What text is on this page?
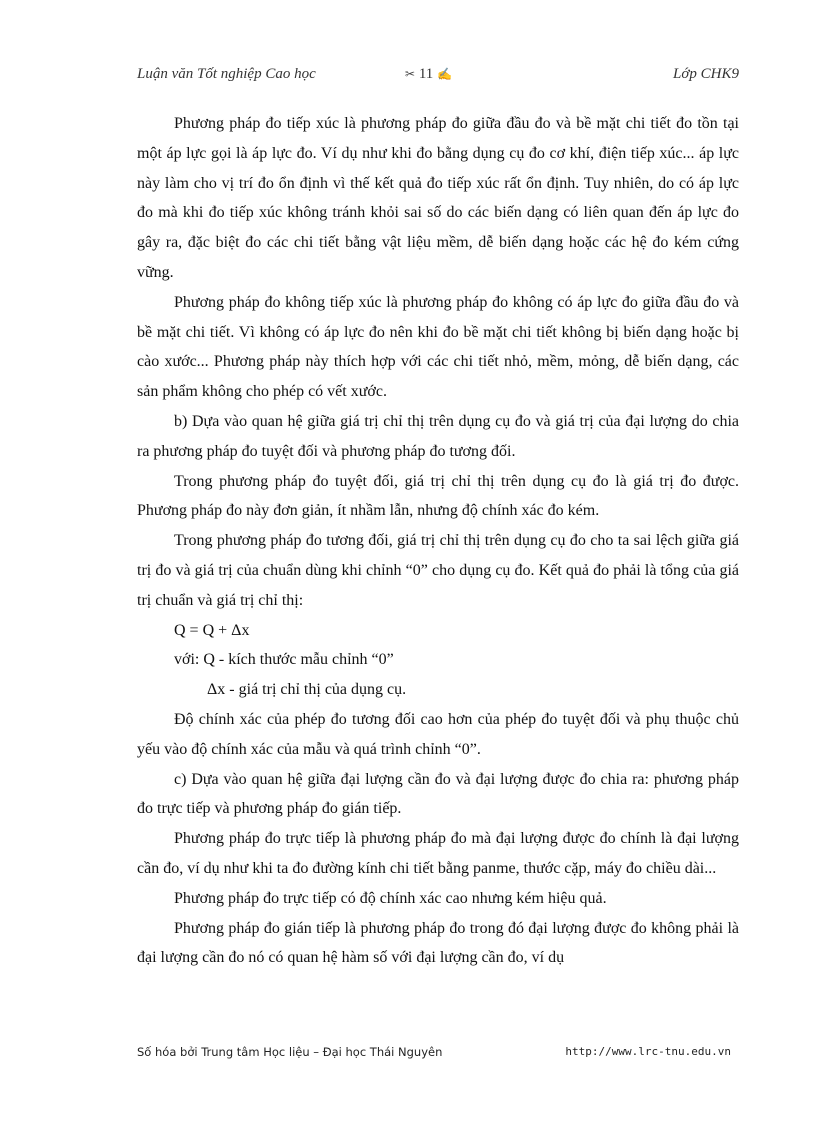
Luận văn Tốt nghiệp Cao học	✂ 11 ✍	Lớp CHK9

Phương pháp đo tiếp xúc là phương pháp đo giữa đầu đo và bề mặt chi tiết đo tồn tại một áp lực gọi là áp lực đo. Ví dụ như khi đo bằng dụng cụ đo cơ khí, điện tiếp xúc... áp lực này làm cho vị trí đo ổn định vì thế kết quả đo tiếp xúc rất ổn định. Tuy nhiên, do có áp lực đo mà khi đo tiếp xúc không tránh khỏi sai số do các biến dạng có liên quan đến áp lực đo gây ra, đặc biệt đo các chi tiết bằng vật liệu mềm, dễ biến dạng hoặc các hệ đo kém cứng vững.

Phương pháp đo không tiếp xúc là phương pháp đo không có áp lực đo giữa đầu đo và bề mặt chi tiết. Vì không có áp lực đo nên khi đo bề mặt chi tiết không bị biến dạng hoặc bị cào xước... Phương pháp này thích hợp với các chi tiết nhỏ, mềm, mỏng, dễ biến dạng, các sản phẩm không cho phép có vết xước.

b) Dựa vào quan hệ giữa giá trị chỉ thị trên dụng cụ đo và giá trị của đại lượng do chia ra phương pháp đo tuyệt đối và phương pháp đo tương đối.

Trong phương pháp đo tuyệt đối, giá trị chỉ thị trên dụng cụ đo là giá trị đo được. Phương pháp đo này đơn giản, ít nhầm lẫn, nhưng độ chính xác đo kém.

Trong phương pháp đo tương đối, giá trị chỉ thị trên dụng cụ đo cho ta sai lệch giữa giá trị đo và giá trị của chuẩn dùng khi chỉnh “0” cho dụng cụ đo. Kết quả đo phải là tổng của giá trị chuẩn và giá trị chỉ thị:

Q = Q + Δx

với: Q - kích thước mẫu chỉnh “0”

Δx - giá trị chỉ thị của dụng cụ.

Độ chính xác của phép đo tương đối cao hơn của phép đo tuyệt đối và phụ thuộc chủ yếu vào độ chính xác của mẫu và quá trình chỉnh “0”.

c) Dựa vào quan hệ giữa đại lượng cần đo và đại lượng được đo chia ra: phương pháp đo trực tiếp và phương pháp đo gián tiếp.

Phương pháp đo trực tiếp là phương pháp đo mà đại lượng được đo chính là đại lượng cần đo, ví dụ như khi ta đo đường kính chi tiết bằng panme, thước cặp, máy đo chiều dài...

Phương pháp đo trực tiếp có độ chính xác cao nhưng kém hiệu quả.

Phương pháp đo gián tiếp là phương pháp đo trong đó đại lượng được đo không phải là đại lượng cần đo nó có quan hệ hàm số với đại lượng cần đo, ví dụ

Số hóa bởi Trung tâm Học liệu – Đại học Thái Nguyên	http://www.lrc-tnu.edu.vn
